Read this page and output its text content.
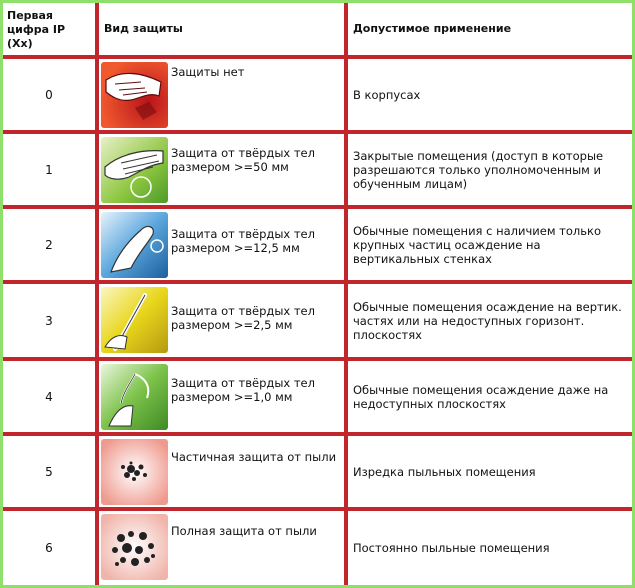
Первая цифра IP (Xx)	Вид защиты	Допустимое применение
0	Защиты нет	В корпусах
1	Защита от твёрдых тел размером >=50 мм	Закрытые помещения (доступ в которые разрешаются только уполномоченным и обученным лицам)
2	Защита от твёрдых тел размером >=12,5 мм	Обычные помещения с наличием только крупных частиц осаждение на вертикальных стенках
3	Защита от твёрдых тел размером >=2,5 мм	Обычные помещения осаждение на вертик. частях или на недоступных горизонт. плоскостях
4	Защита от твёрдых тел размером >=1,0 мм	Обычные помещения осаждение даже на недоступных плоскостях
5	Частичная защита от пыли	Изредка пыльных помещения
6	Полная защита от пыли	Постоянно пыльные помещения
